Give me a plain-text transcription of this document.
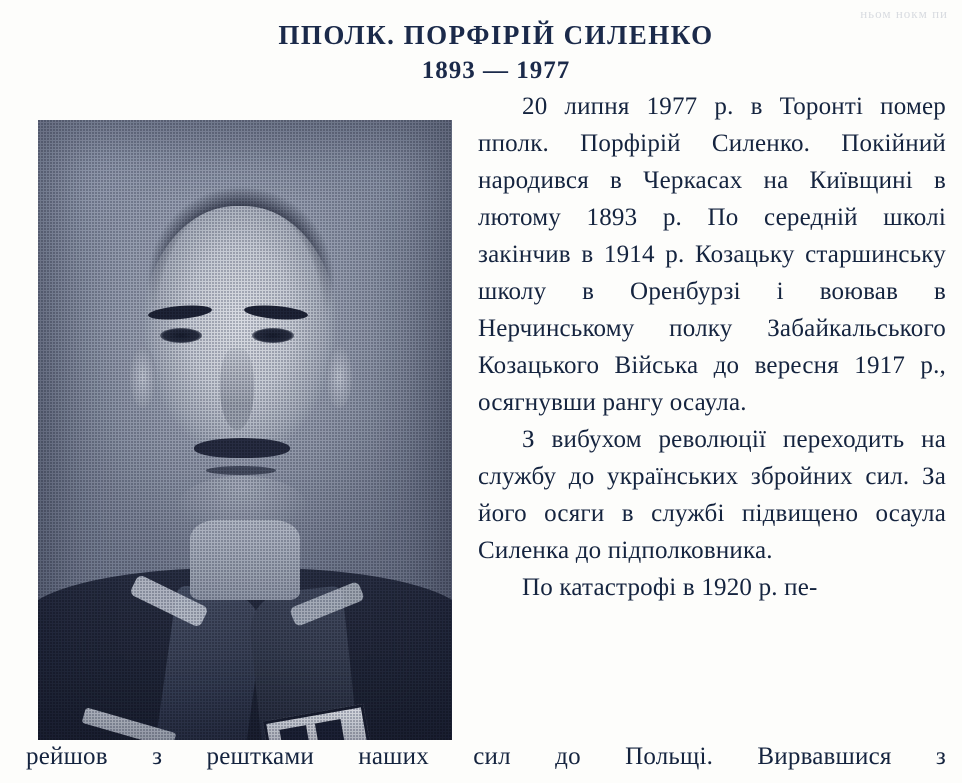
ньом нокм пи
ППОЛК. ПОРФІРІЙ СИЛЕНКО
1893 — 1977

20 липня 1977 р. в Торонті помер пполк. Порфірій Силенко. Покійний народився в Черкасах на Київщині в лютому 1893 р. По середній школі закінчив в 1914 р. Козацьку старшинську школу в Оренбурзі і воював в Нерчинському полку Забайкальського Козацького Війська до вересня 1917 р., осягнувши рангу осаула.

З вибухом революції переходить на службу до українських збройних сил. За його осяги в службі підвищено осаула Силенка до підполковника.

По катастрофі в 1920 р. пе-

рейшов з рештками наших сил до Польщі. Вирвавшися з
